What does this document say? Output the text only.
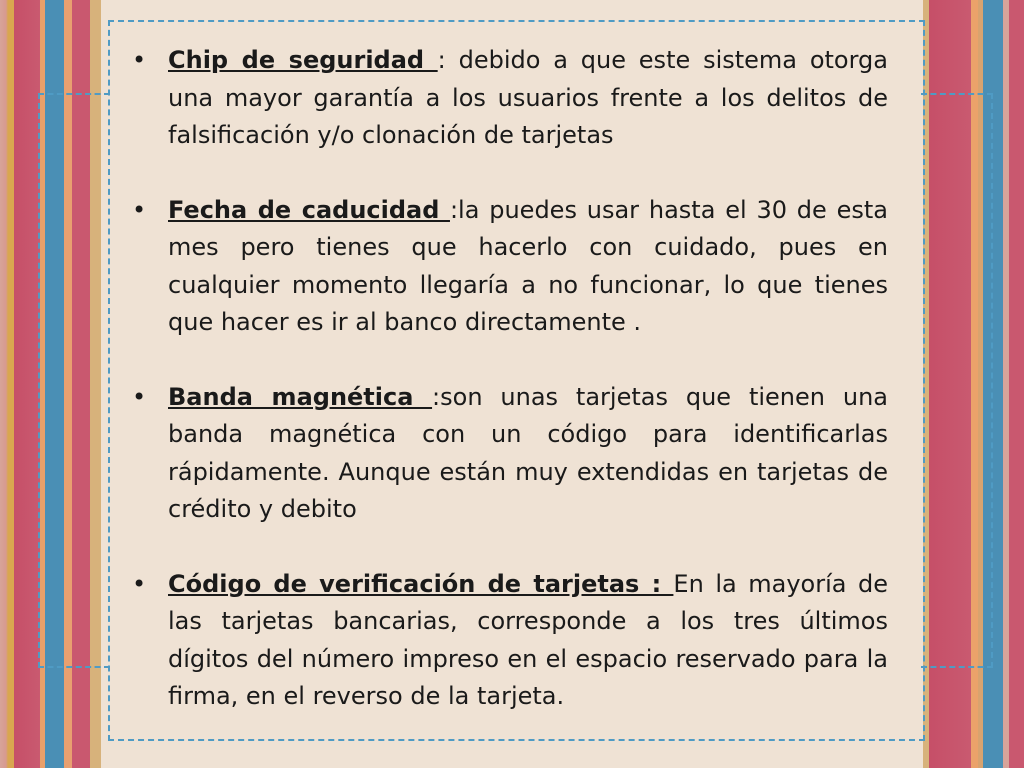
• Chip de seguridad : debido a que este sistema otorga una mayor garantía a los usuarios frente a los delitos de falsificación y/o clonación de tarjetas
• Fecha de caducidad :la puedes usar hasta el 30 de esta mes pero tienes que hacerlo con cuidado, pues en cualquier momento llegaría a no funcionar, lo que tienes que hacer es ir al banco directamente .
• Banda magnética :son unas tarjetas que tienen una banda magnética con un código para identificarlas rápidamente. Aunque están muy extendidas en tarjetas de crédito y debito
• Código de verificación de tarjetas : En la mayoría de las tarjetas bancarias, corresponde a los tres últimos dígitos del número impreso en el espacio reservado para la firma, en el reverso de la tarjeta.
